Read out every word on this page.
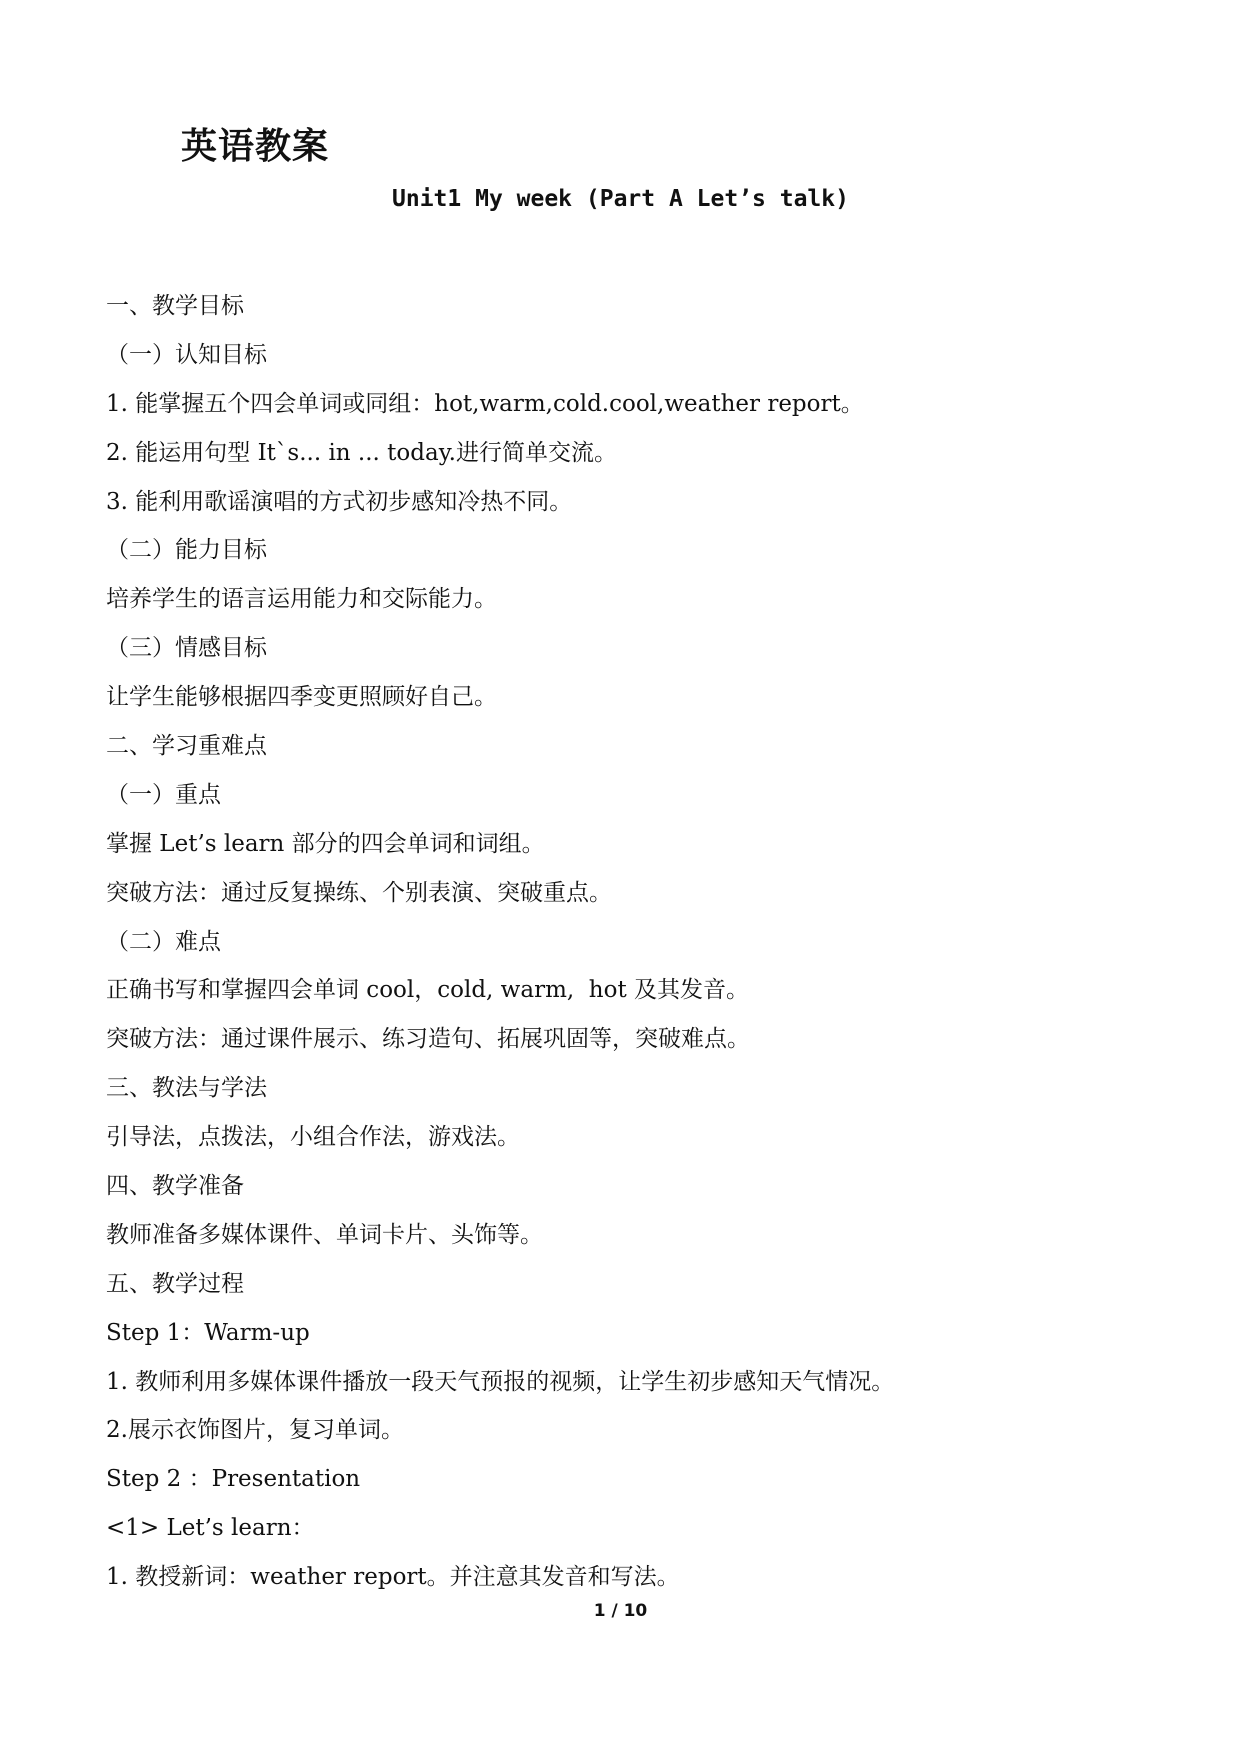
英语教案
Unit1 My week (Part A Let’s talk)
一、教学目标
（一）认知目标
1. 能掌握五个四会单词或同组：hot,warm,cold.cool,weather report。
2. 能运用句型 It`s... in ... today.进行简单交流。
3. 能利用歌谣演唱的方式初步感知冷热不同。
（二）能力目标
培养学生的语言运用能力和交际能力。
（三）情感目标
让学生能够根据四季变更照顾好自己。
二、学习重难点
（一）重点
掌握 Let’s learn 部分的四会单词和词组。
突破方法：通过反复操练、个别表演、突破重点。
（二）难点
正确书写和掌握四会单词 cool，cold, warm,  hot 及其发音。
突破方法：通过课件展示、练习造句、拓展巩固等，突破难点。
三、教法与学法
引导法，点拨法，小组合作法，游戏法。
四、教学准备
教师准备多媒体课件、单词卡片、头饰等。
五、教学过程
Step 1：Warm-up
1. 教师利用多媒体课件播放一段天气预报的视频，让学生初步感知天气情况。
2.展示衣饰图片，复习单词。
Step 2 ：Presentation
<1> Let’s learn：
1. 教授新词：weather report。并注意其发音和写法。
1 / 10
